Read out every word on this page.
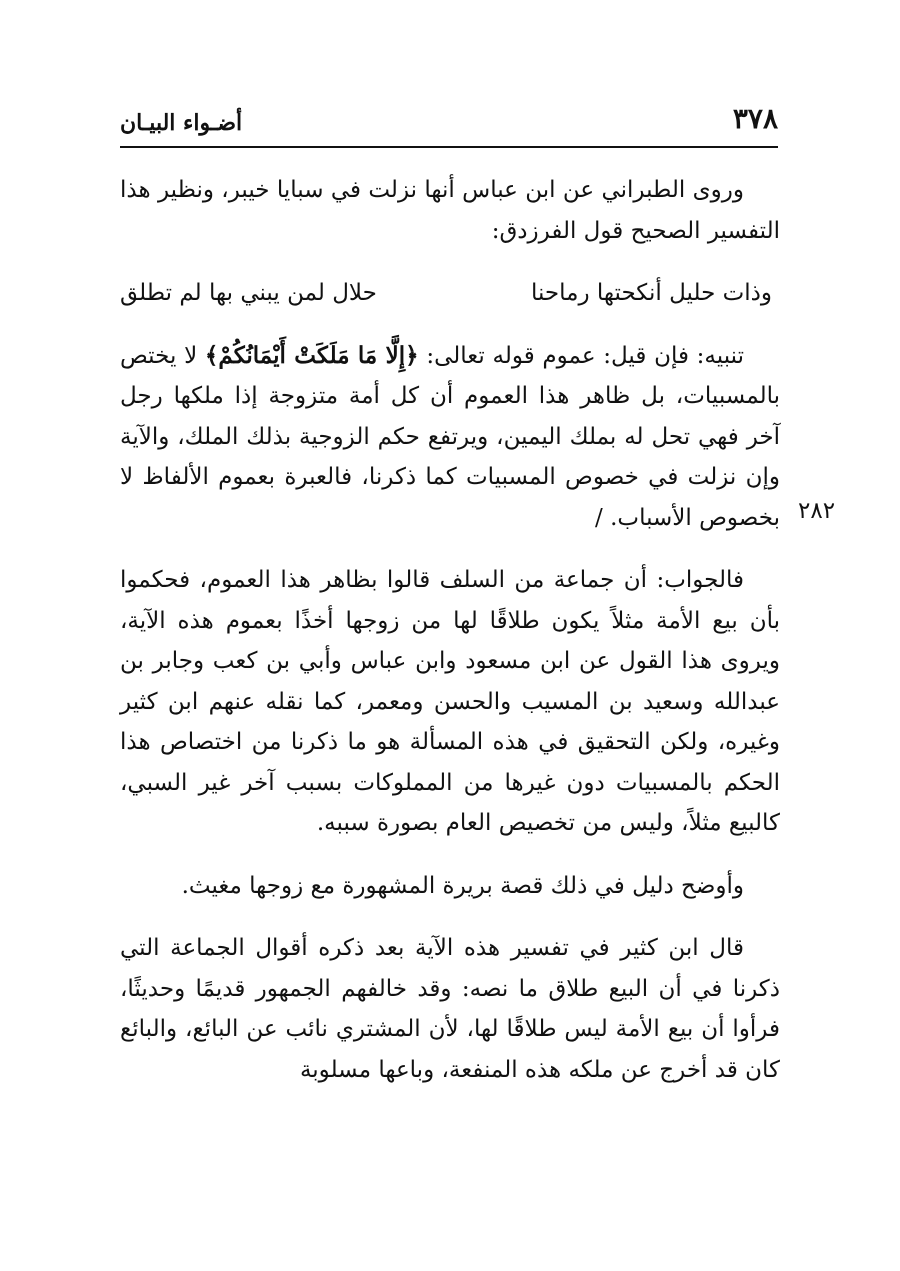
٣٧٨
أضـواء البيـان

وروى الطبراني عن ابن عباس أنها نزلت في سبايا خيبر، ونظير هذا التفسير الصحيح قول الفرزدق:

وذات حليل أنكحتها رماحنا
حلال لمن يبني بها لم تطلق

تنبيه: فإن قيل: عموم قوله تعالى: ﴿إِلَّا مَا مَلَكَتْ أَيْمَانُكُمْ﴾ لا يختص بالمسبيات، بل ظاهر هذا العموم أن كل أمة متزوجة إذا ملكها رجل آخر فهي تحل له بملك اليمين، ويرتفع حكم الزوجية بذلك الملك، والآية وإن نزلت في خصوص المسبيات كما ذكرنا، فالعبرة بعموم الألفاظ لا بخصوص الأسباب. /

فالجواب: أن جماعة من السلف قالوا بظاهر هذا العموم، فحكموا بأن بيع الأمة مثلاً يكون طلاقًا لها من زوجها أخذًا بعموم هذه الآية، ويروى هذا القول عن ابن مسعود وابن عباس وأبي بن كعب وجابر بن عبدالله وسعيد بن المسيب والحسن ومعمر، كما نقله عنهم ابن كثير وغيره، ولكن التحقيق في هذه المسألة هو ما ذكرنا من اختصاص هذا الحكم بالمسبيات دون غيرها من المملوكات بسبب آخر غير السبي، كالبيع مثلاً، وليس من تخصيص العام بصورة سببه.

وأوضح دليل في ذلك قصة بريرة المشهورة مع زوجها مغيث.

قال ابن كثير في تفسير هذه الآية بعد ذكره أقوال الجماعة التي ذكرنا في أن البيع طلاق ما نصه: وقد خالفهم الجمهور قديمًا وحديثًا، فرأوا أن بيع الأمة ليس طلاقًا لها، لأن المشتري نائب عن البائع، والبائع كان قد أخرج عن ملكه هذه المنفعة، وباعها مسلوبة

٢٨٢
